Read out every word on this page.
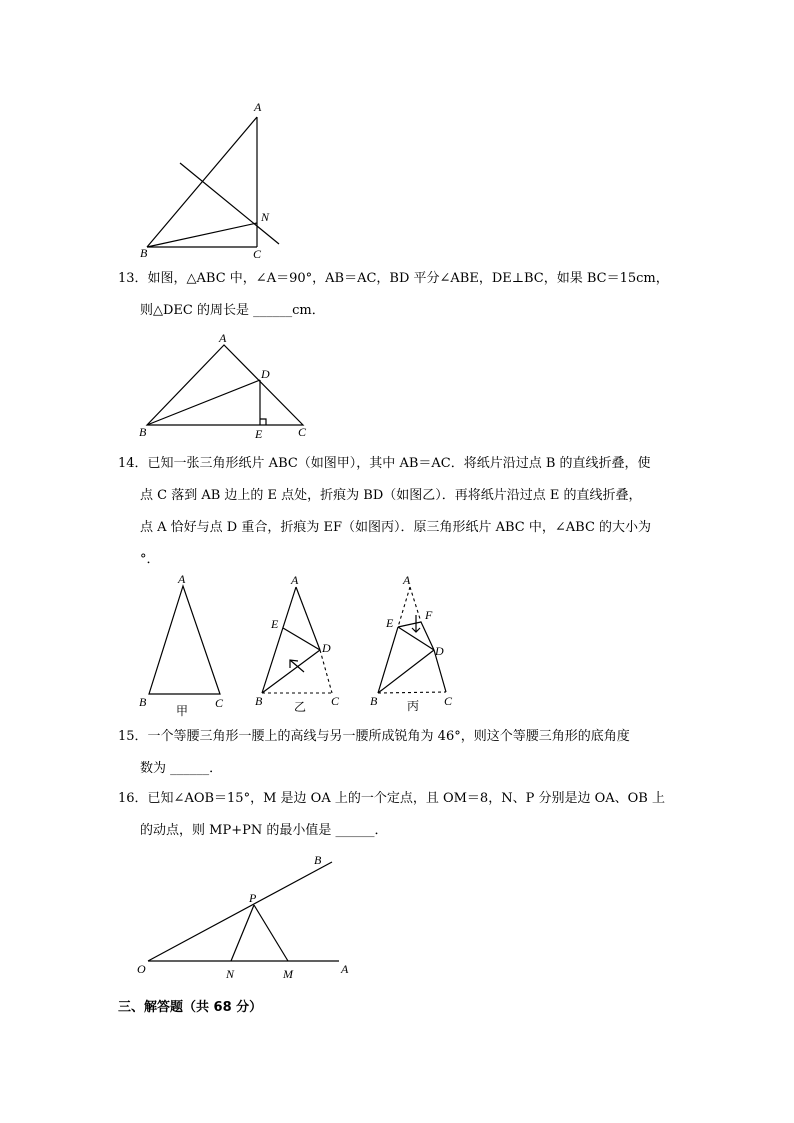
A
N
B	C
13．如图，△ABC 中，∠A＝90°，AB＝AC，BD 平分∠ABE，DE⊥BC，如果 BC＝15cm，
则△DEC 的周长是 ______cm．
A
D
B	E	C
14．已知一张三角形纸片 ABC（如图甲），其中 AB＝AC．将纸片沿过点 B 的直线折叠，使
点 C 落到 AB 边上的 E 点处，折痕为 BD（如图乙）．再将纸片沿过点 E 的直线折叠，
点 A 恰好与点 D 重合，折痕为 EF（如图丙）．原三角形纸片 ABC 中，∠ABC 的大小为
°．
A
B	C
甲
A
E
D
B	C
乙
A
E
F
D
B	C
丙
15．一个等腰三角形一腰上的高线与另一腰所成锐角为 46°，则这个等腰三角形的底角度
数为 ______．
16．已知∠AOB＝15°，M 是边 OA 上的一个定点，且 OM＝8，N、P 分别是边 OA、OB 上
的动点，则 MP+PN 的最小值是 ______．
B
P
O	N	M	A
三、解答题（共 68 分）
